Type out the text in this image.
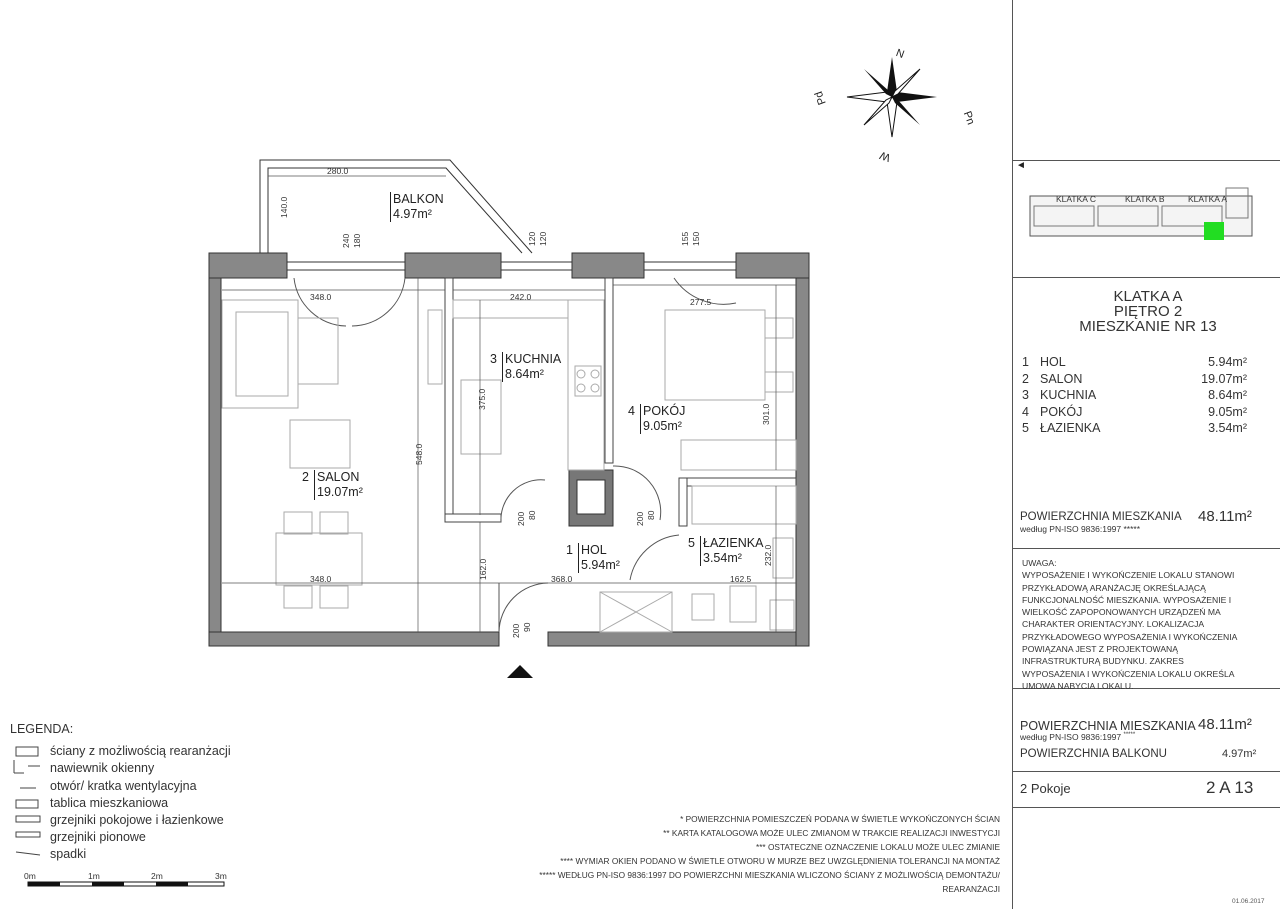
N
Pn
W
Pd
BALKON
4.97m²
2 SALON
19.07m²
3 KUCHNIA
8.64m²
4 POKÓJ
9.05m²
1 HOL
5.94m²
5 ŁAZIENKA
3.54m²
280.0
140.0
240 180	120 120	155 150
348.0	242.0	277.5
548.0
375.0
301.0
80
200	80
200
348.0	368.0	162.5
162.0
232.0
90
200
KLATKA C	KLATKA B	KLATKA A
◄
KLATKA A
PIĘTRO 2
MIESZKANIE NR 13
1 HOL	5.94m²
2 SALON	19.07m²
3 KUCHNIA	8.64m²
4 POKÓJ	9.05m²
5 ŁAZIENKA	3.54m²
POWIERZCHNIA MIESZKANIA
według PN-ISO 9836:1997 *****
48.11m²
UWAGA:
WYPOSAŻENIE I WYKOŃCZENIE LOKALU STANOWI PRZYKŁADOWĄ ARANŻACJĘ OKREŚLAJĄCĄ FUNKCJONALNOŚĆ MIESZKANIA. WYPOSAŻENIE I WIELKOŚĆ ZAPOPONOWANYCH URZĄDZEŃ MA CHARAKTER ORIENTACYJNY. LOKALIZACJA PRZYKŁADOWEGO WYPOSAŻENIA I WYKOŃCZENIA POWIĄZANA JEST Z PROJEKTOWANĄ INFRASTRUKTURĄ BUDYNKU. ZAKRES WYPOSAŻENIA I WYKOŃCZENIA LOKALU OKREŚLA UMOWA NABYCIA LOKALU.
POWIERZCHNIA MIESZKANIA 48.11m²
według PN-ISO 9836:1997 *****
POWIERZCHNIA BALKONU	4.97m²
2 Pokoje	2 A 13
01.06.2017
LEGENDA:
ściany z możliwością rearanżacji
nawiewnik okienny
otwór/ kratka wentylacyjna
tablica mieszkaniowa
grzejniki pokojowe i łazienkowe
grzejniki pionowe
spadki
0m	1m	2m	3m
* POWIERZCHNIA POMIESZCZEŃ PODANA W ŚWIETLE WYKOŃCZONYCH ŚCIAN
** KARTA KATALOGOWA MOŻE ULEC ZMIANOM W TRAKCIE REALIZACJI INWESTYCJI
*** OSTATECZNE OZNACZENIE LOKALU MOŻE ULEC ZMIANIE
**** WYMIAR OKIEN PODANO W ŚWIETLE OTWORU W MURZE BEZ UWZGLĘDNIENIA TOLERANCJI NA MONTAŻ
***** WEDŁUG PN-ISO 9836:1997 DO POWIERZCHNI MIESZKANIA WLICZONO ŚCIANY Z MOŻLIWOŚCIĄ DEMONTAŻU/
REARANŻACJI
